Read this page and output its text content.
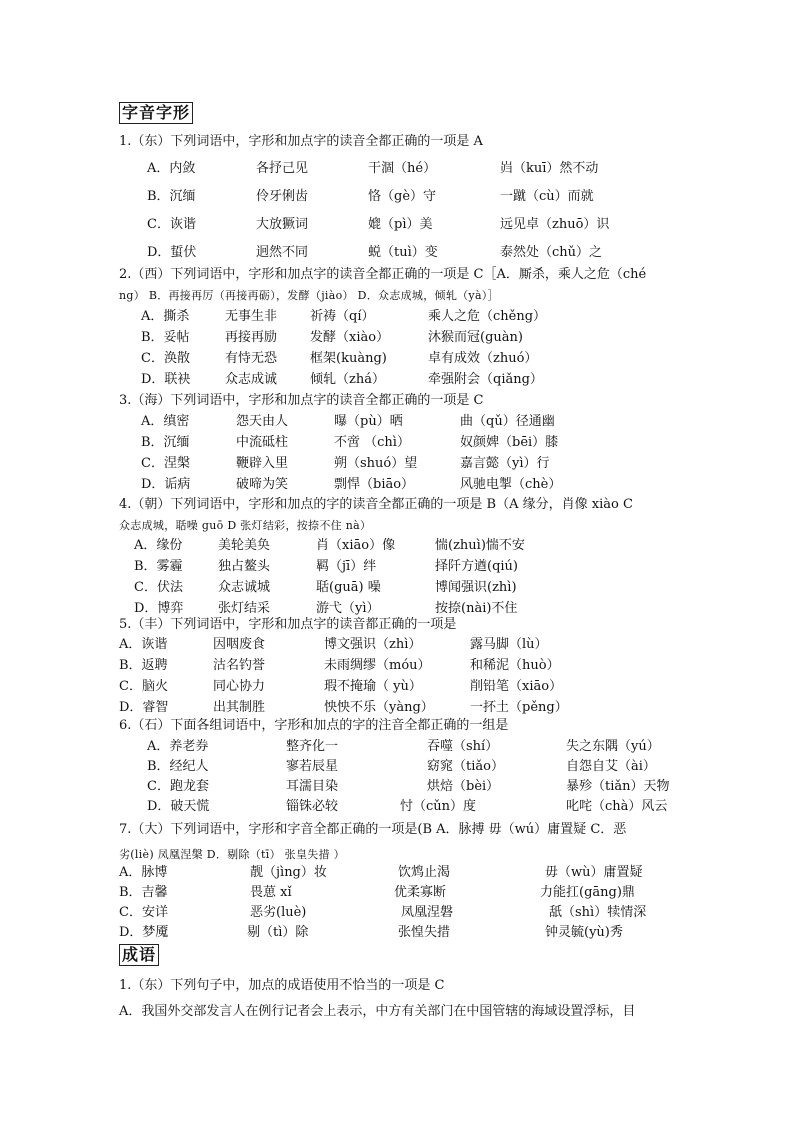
字音字形
1.（东）下列词语中，字形和加点字的读音全都正确的一项是 A
A．内敛	各抒己见	干涸（hé）	岿（kuī）然不动
B．沉缅	伶牙俐齿	恪（gè）守	一蹴（cù）而就
C．诙谐	大放獗词	媲（pì）美	远见卓（zhuō）识
D．蜇伏	迥然不同	蜕（tuì）变	泰然处（chǔ）之
2.（西）下列词语中，字形和加点字的读音全都正确的一项是 C［A．厮杀，乘人之危（ché
ng） B．再接再厉（再接再砺），发酵（jiào） D．众志成城，倾轧（yà）］
A．撕杀	无事生非	祈祷（qí）	乘人之危（chěng）
B．妥帖	再接再励	发酵（xiào）	沐猴而冠(guàn)
C．涣散	有恃无恐	框架(kuàng)	卓有成效（zhuó）
D．联袂	众志成诚	倾轧（zhá）	牵强附会（qiǎng）
3.（海）下列词语中，字形和加点字的读音全都正确的一项是 C
A．缜密	怨天由人	曝（pù）晒	曲（qǔ）径通幽
B．沉缅	中流砥柱	不啻 （chì）	奴颜婢（bēi）膝
C．涅槃	鞭辟入里	朔（shuó）望	嘉言懿（yì）行
D．诟病	破啼为笑	剽悍（biāo）	风驰电掣（chè）
4.（朝）下列词语中，字形和加点的字的读音全都正确的一项是 B（A 缘分，肖像 xiào C
众志成城，聒噪 guō D 张灯结彩，按捺不住 nà）
A．缘份	美轮美奂	肖（xiāo）像	惴(zhuì)惴不安
B．雾霾	独占鳌头	羁（jī）绊	择阡方遒(qiú)
C．伏法	众志诚城	聒(guā) 噪	博闻强识(zhì)
D．博弈	张灯结采	游弋（yì）	按捺(nài)不住
5.（丰）下列词语中，字形和加点字的读音都正确的一项是
A．诙谐	因咽废食	博文强识（zhì）	露马脚（lù）
B．返聘	沽名钓誉	未雨绸缪（móu）	和稀泥（huò）
C．脑火	同心协力	瑕不掩瑜（ yù）	削铅笔（xiāo）
D．睿智	出其制胜	怏怏不乐（yàng）	一抔土（pěng）
6.（石）下面各组词语中，字形和加点的字的注音全都正确的一组是
A．养老券	整齐化一	吞噬（shí）	失之东隅（yú）
B．经纪人	寥若辰星	窈窕（tiǎo）	自怨自艾（ài）
C．跑龙套	耳濡目染	烘焙（bèi）	暴殄（tiǎn）天物
D．破天慌	锱铢必较	忖（cǔn）度	叱咤（chà）风云
7.（大）下列词语中，字形和字音全都正确的一项是(B A．脉搏 毋（wú）庸置疑 C．恶
劣(liè) 凤凰涅槃 D．剔除（tī） 张皇失措 ）
A．脉博	靓（jìng）妆	饮鸩止渴	毋（wù）庸置疑
B．吉馨	畏葸 xǐ	优柔寡断	力能扛(gāng)鼎
C．安详	恶劣(luè)	凤凰涅磐	舐（shì）犊情深
D．梦魇	剔（tì）除	张惶失措	钟灵毓(yù)秀
成语
1.（东）下列句子中，加点的成语使用不恰当的一项是 C
A．我国外交部发言人在例行记者会上表示，中方有关部门在中国管辖的海域设置浮标，目
